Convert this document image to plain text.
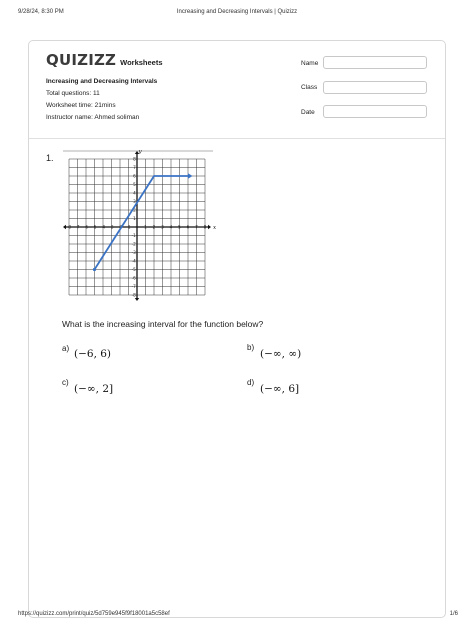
9/28/24, 8:30 PM	Increasing and Decreasing Intervals | Quizizz
QUIZIZZ Worksheets
Increasing and Decreasing Intervals
Total questions: 11
Worksheet time: 21mins
Instructor name: Ahmed soliman
Name
Class
Date
1.
x
y
-8 -7 -6 -5 -4 -3 -2 -1	1 2 3 4 5 6 7 8
8
7
6
5
4
3
2
1
-1
-2
-3
-4
-5
-6
-7
-8
What is the increasing interval for the function below?
a) (−6, 6)
b)
(−∞, ∞)
c)
(−∞, 2]
d)
(−∞, 6]
https://quizizz.com/print/quiz/5d759e945f9f18001a5c58ef	1/6
